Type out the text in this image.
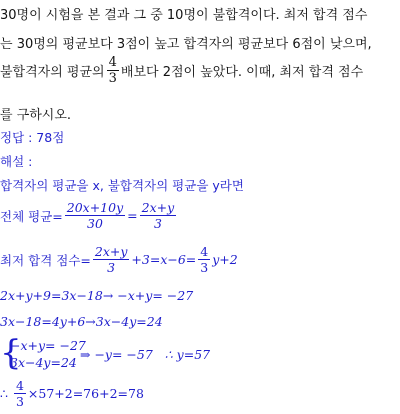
30명이 시험을 본 결과 그 중 10명이 불합격이다. 최저 합격 점수
는 30명의 평균보다 3점이 높고 합격자의 평균보다 6점이 낮으며,
불합격자의 평균의 $\frac{4}{3}$ 배보다 2점이 높았다. 이때, 최저 합격 점수
를 구하시오.
정답 : 78점
해설 :
합격자의 평균을 x, 불합격자의 평균을 y라면
전체 평균= $\frac{20x+10y}{30} = \frac{2x+y}{3}$
최저 합격 점수= $\frac{2x+y}{3} +3=x-6= \frac{4}{3} y+2$
2x+y+9=3x−18→ −x+y= −27
3x−18=4y+6→3x−4y=24
{
−x+y= −27
3x−4y=24
⇒ −y= −57   ∴ y=57
∴ $\frac{4}{3} \times 57+2=76+2=78$
